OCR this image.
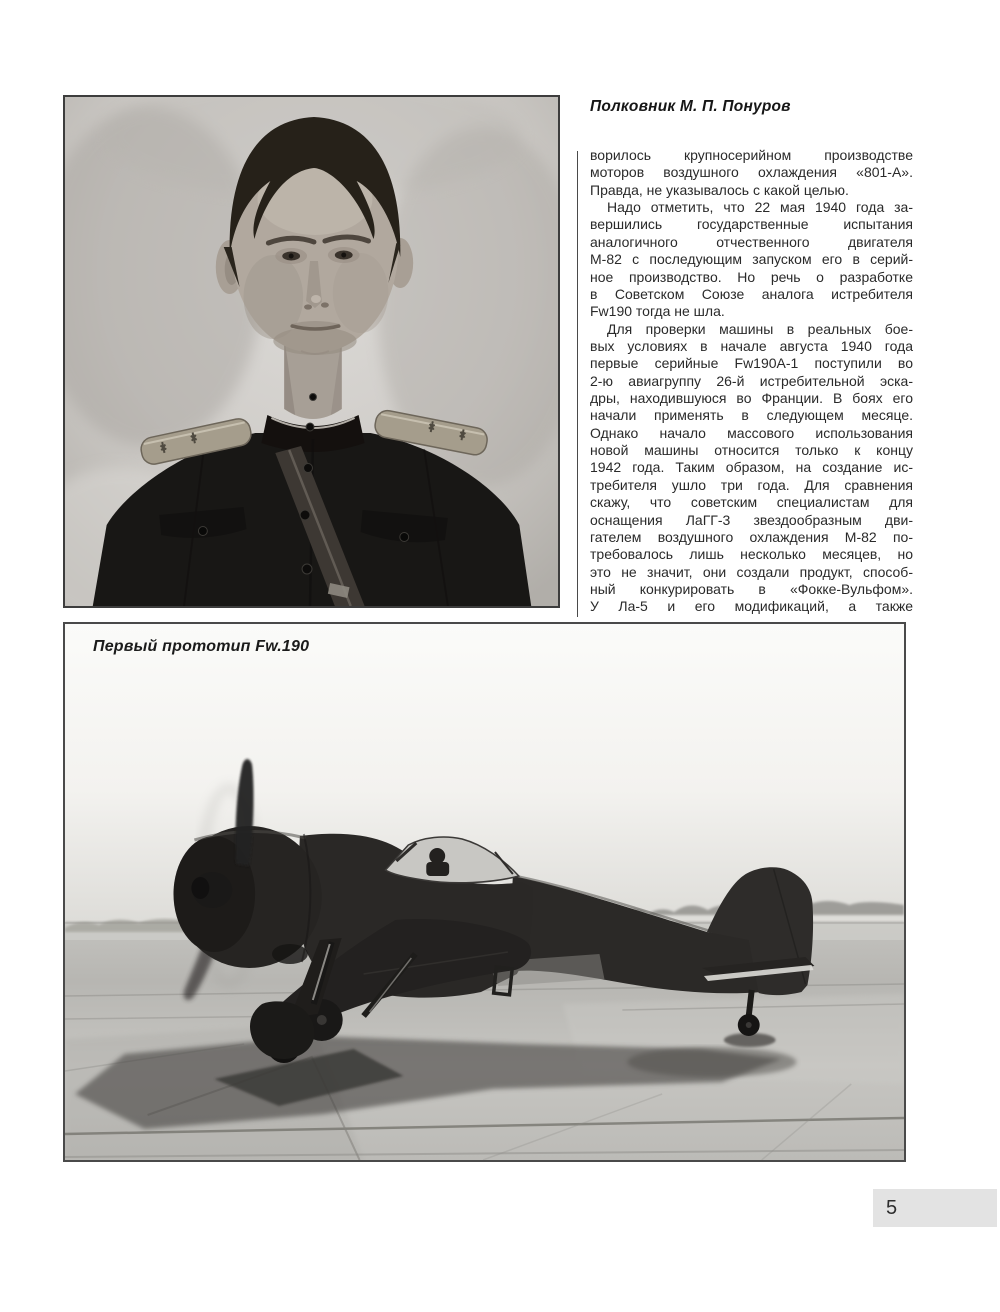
Полковник М. П. Понуров
ворилось крупносерийном производстве
моторов воздушного охлаждения «801-А».
Правда, не указывалось с какой целью.
Надо отметить, что 22 мая 1940 года за-
вершились государственные испытания
аналогичного отчественного двигателя
М-82 с последующим запуском его в серий-
ное производство. Но речь о разработке
в Советском Союзе аналога истребителя
Fw190 тогда не шла.
Для проверки машины в реальных бое-
вых условиях в начале августа 1940 года
первые серийные Fw190A-1 поступили во
2-ю авиагруппу 26-й истребительной эска-
дры, находившуюся во Франции. В боях его
начали применять в следующем месяце.
Однако начало массового использования
новой машины относится только к концу
1942 года. Таким образом, на создание ис-
требителя ушло три года. Для сравнения
скажу, что советским специалистам для
оснащения ЛаГГ-3 звездообразным дви-
гателем воздушного охлаждения М-82 по-
требовалось лишь несколько месяцев, но
это не значит, они создали продукт, способ-
ный конкурировать в «Фокке-Вульфом».
У Ла-5 и его модификаций, а также
Первый прототип Fw.190
5
